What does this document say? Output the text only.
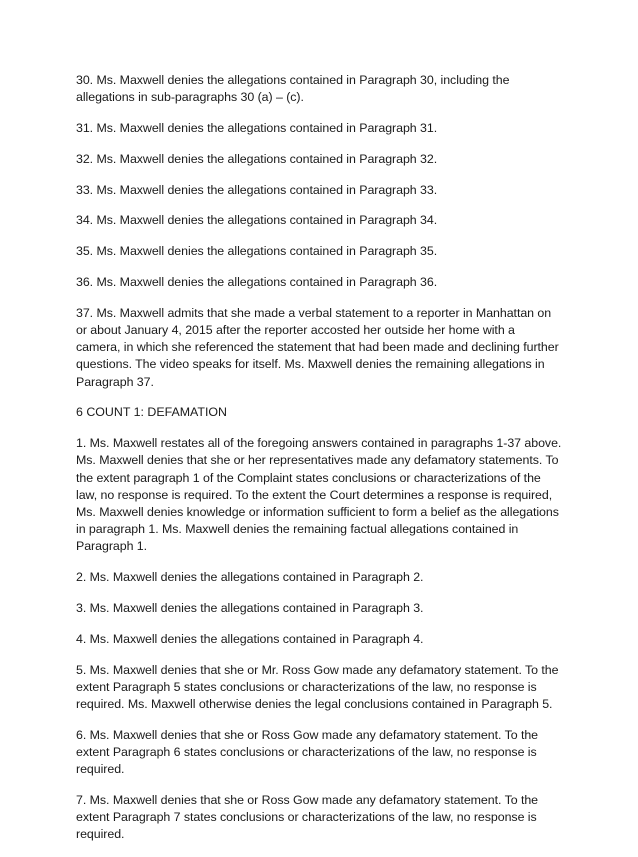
30. Ms. Maxwell denies the allegations contained in Paragraph 30, including the allegations in sub-paragraphs 30 (a) – (c).

31. Ms. Maxwell denies the allegations contained in Paragraph 31.

32. Ms. Maxwell denies the allegations contained in Paragraph 32.

33. Ms. Maxwell denies the allegations contained in Paragraph 33.

34. Ms. Maxwell denies the allegations contained in Paragraph 34.

35. Ms. Maxwell denies the allegations contained in Paragraph 35.

36. Ms. Maxwell denies the allegations contained in Paragraph 36.

37. Ms. Maxwell admits that she made a verbal statement to a reporter in Manhattan on or about January 4, 2015 after the reporter accosted her outside her home with a camera, in which she referenced the statement that had been made and declining further questions. The video speaks for itself. Ms. Maxwell denies the remaining allegations in Paragraph 37.

6 COUNT 1: DEFAMATION

1. Ms. Maxwell restates all of the foregoing answers contained in paragraphs 1-37 above. Ms. Maxwell denies that she or her representatives made any defamatory statements. To the extent paragraph 1 of the Complaint states conclusions or characterizations of the law, no response is required. To the extent the Court determines a response is required, Ms. Maxwell denies knowledge or information sufficient to form a belief as the allegations in paragraph 1. Ms. Maxwell denies the remaining factual allegations contained in Paragraph 1.

2. Ms. Maxwell denies the allegations contained in Paragraph 2.

3. Ms. Maxwell denies the allegations contained in Paragraph 3.

4. Ms. Maxwell denies the allegations contained in Paragraph 4.

5. Ms. Maxwell denies that she or Mr. Ross Gow made any defamatory statement. To the extent Paragraph 5 states conclusions or characterizations of the law, no response is required. Ms. Maxwell otherwise denies the legal conclusions contained in Paragraph 5.

6. Ms. Maxwell denies that she or Ross Gow made any defamatory statement. To the extent Paragraph 6 states conclusions or characterizations of the law, no response is required.

7. Ms. Maxwell denies that she or Ross Gow made any defamatory statement. To the extent Paragraph 7 states conclusions or characterizations of the law, no response is required.
